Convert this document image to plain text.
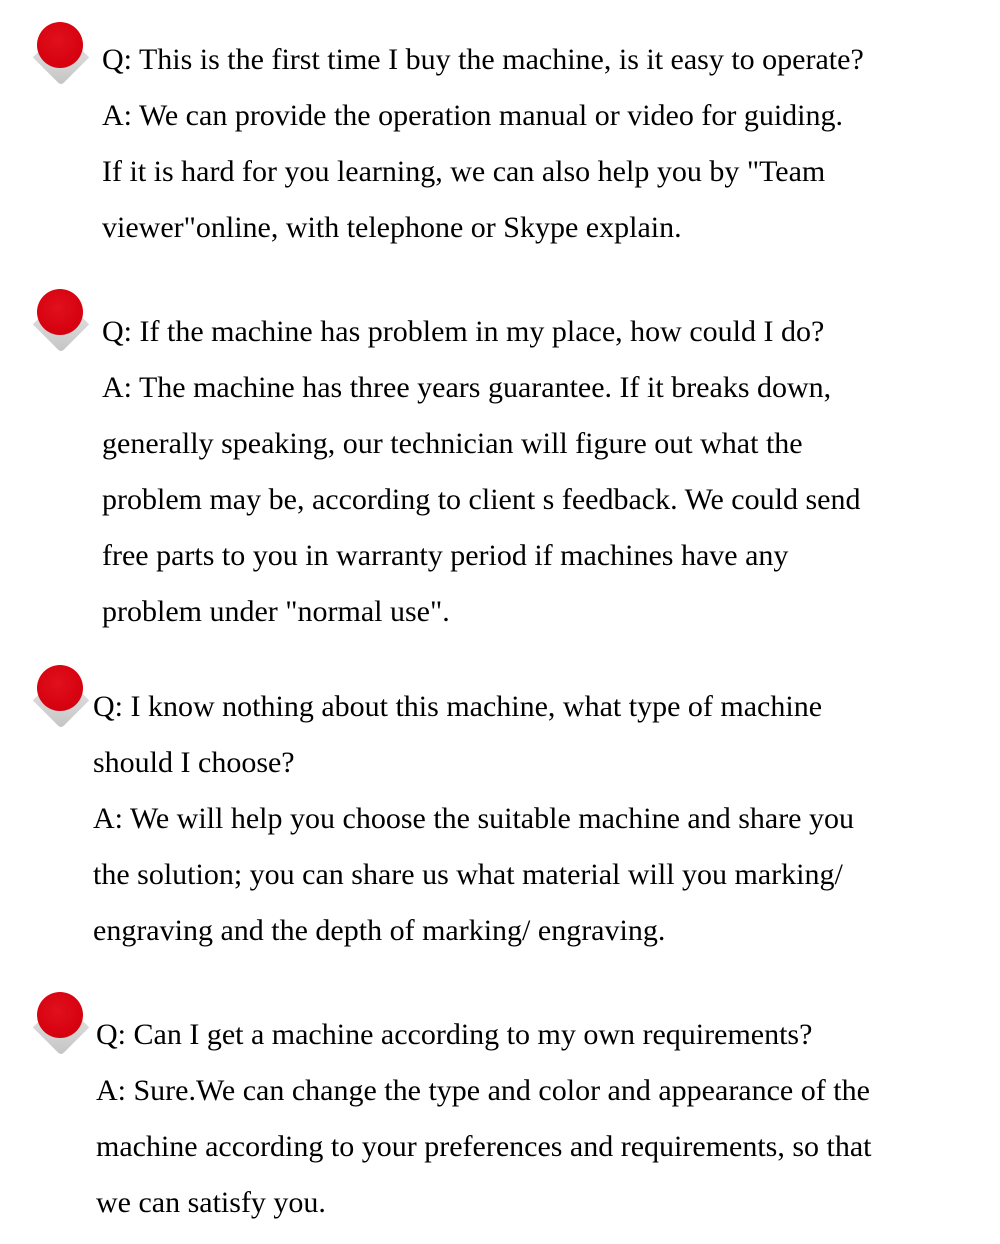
Q: This is the first time I buy the machine, is it easy to operate?
A: We can provide the operation manual or video for guiding.
If it is hard for you learning, we can also help you by "Team
viewer"online, with telephone or Skype explain.
Q: If the machine has problem in my place, how could I do?
A: The machine has three years guarantee. If it breaks down,
generally speaking, our technician will figure out what the
problem may be, according to client s feedback. We could send
free parts to you in warranty period if machines have any
problem under "normal use".
Q: I know nothing about this machine, what type of machine
should I choose?
A: We will help you choose the suitable machine and share you
the solution; you can share us what material will you marking/
engraving and the depth of marking/ engraving.
Q: Can I get a machine according to my own requirements?
A: Sure.We can change the type and color and appearance of the
machine according to your preferences and requirements, so that
we can satisfy you.
